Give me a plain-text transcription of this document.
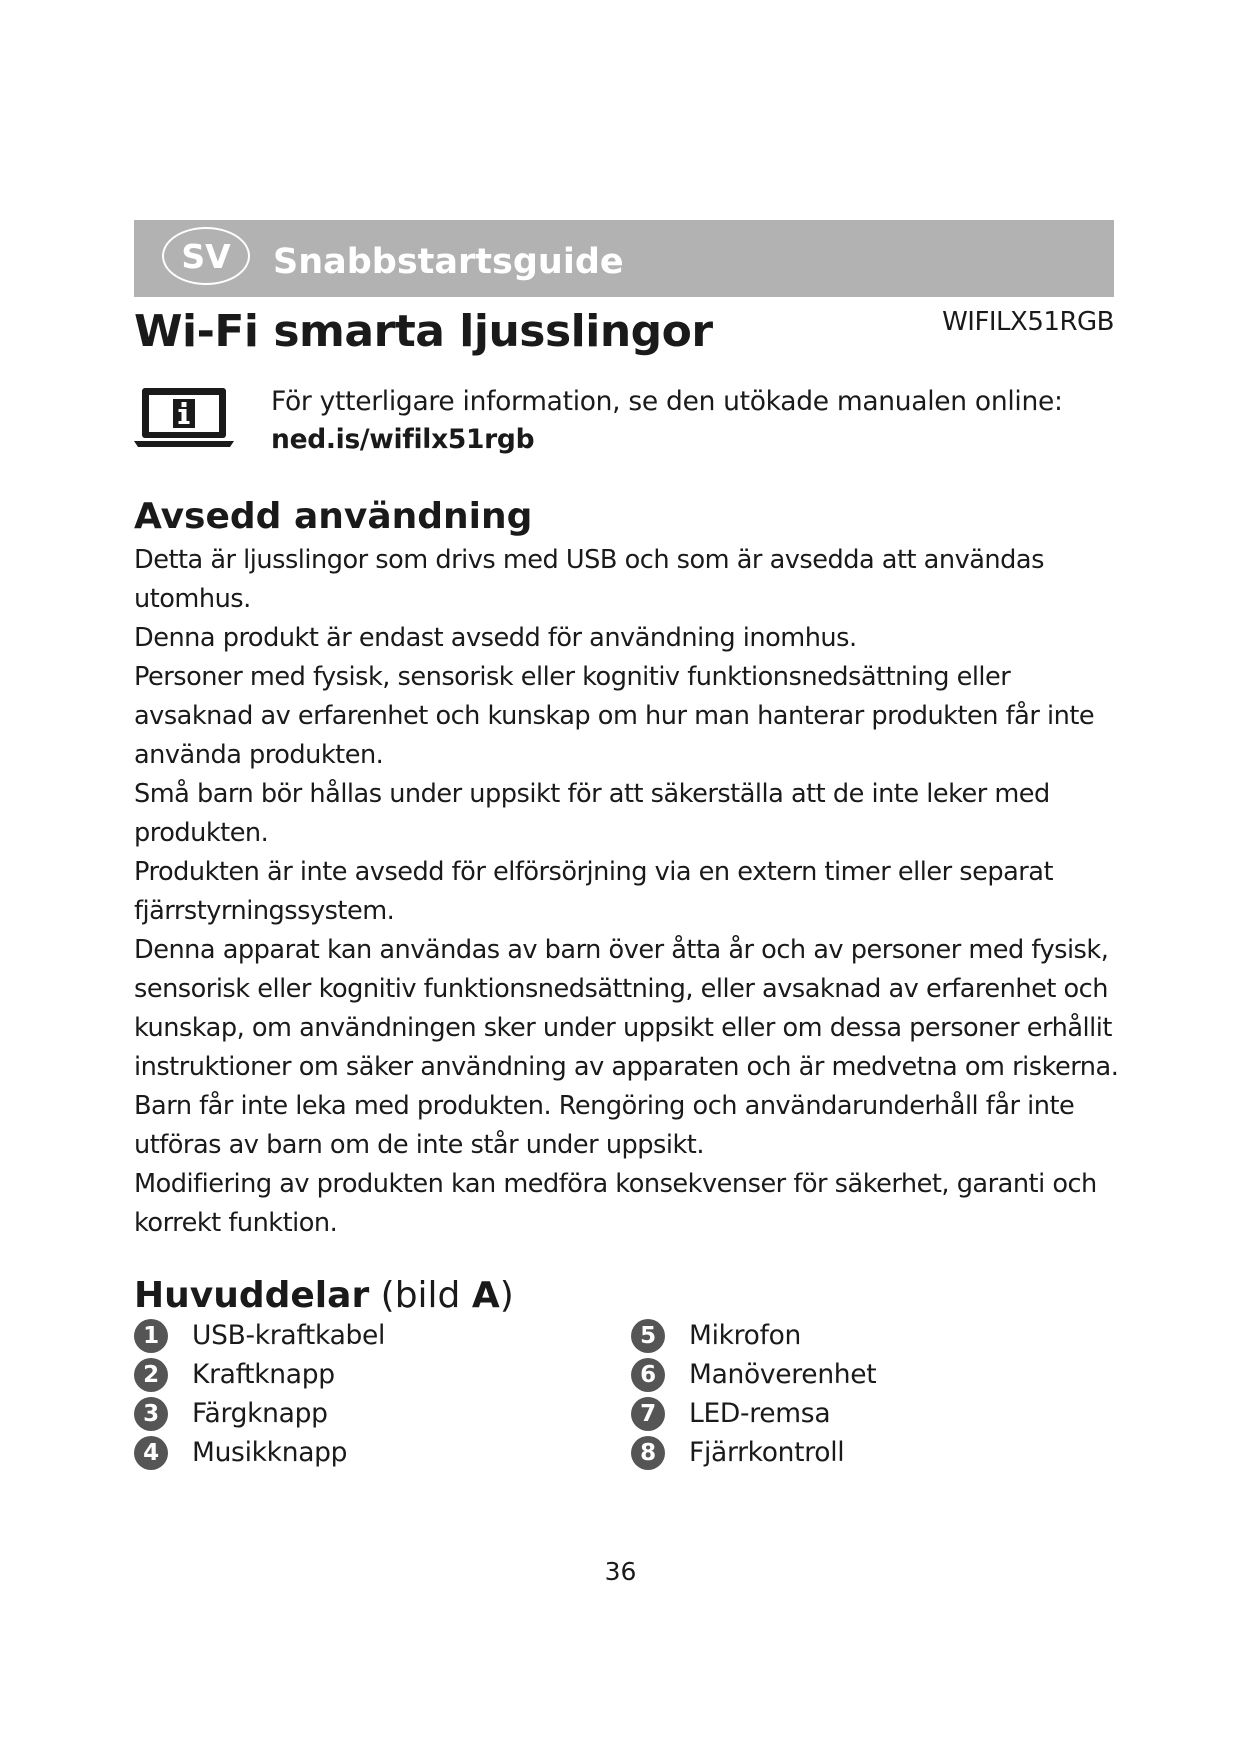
SV	Snabbstartsguide
Wi-Fi smarta ljusslingor	WIFILX51RGB
För ytterligare information, se den utökade manualen online:
ned.is/wifilx51rgb
Avsedd användning

Detta är ljusslingor som drivs med USB och som är avsedda att användas utomhus.

Denna produkt är endast avsedd för användning inomhus.

Personer med fysisk, sensorisk eller kognitiv funktionsnedsättning eller avsaknad av erfarenhet och kunskap om hur man hanterar produkten får inte använda produkten.

Små barn bör hållas under uppsikt för att säkerställa att de inte leker med produkten.

Produkten är inte avsedd för elförsörjning via en extern timer eller separat fjärrstyrningssystem.

Denna apparat kan användas av barn över åtta år och av personer med fysisk, sensorisk eller kognitiv funktionsnedsättning, eller avsaknad av erfarenhet och kunskap, om användningen sker under uppsikt eller om dessa personer erhållit instruktioner om säker användning av apparaten och är medvetna om riskerna. Barn får inte leka med produkten. Rengöring och användarunderhåll får inte utföras av barn om de inte står under uppsikt.

Modifiering av produkten kan medföra konsekvenser för säkerhet, garanti och korrekt funktion.

Huvuddelar (bild A)
1	USB-kraftkabel
2	Kraftknapp
3	Färgknapp
4	Musikknapp
5	Mikrofon
6	Manöverenhet
7	LED-remsa
8	Fjärrkontroll
36
